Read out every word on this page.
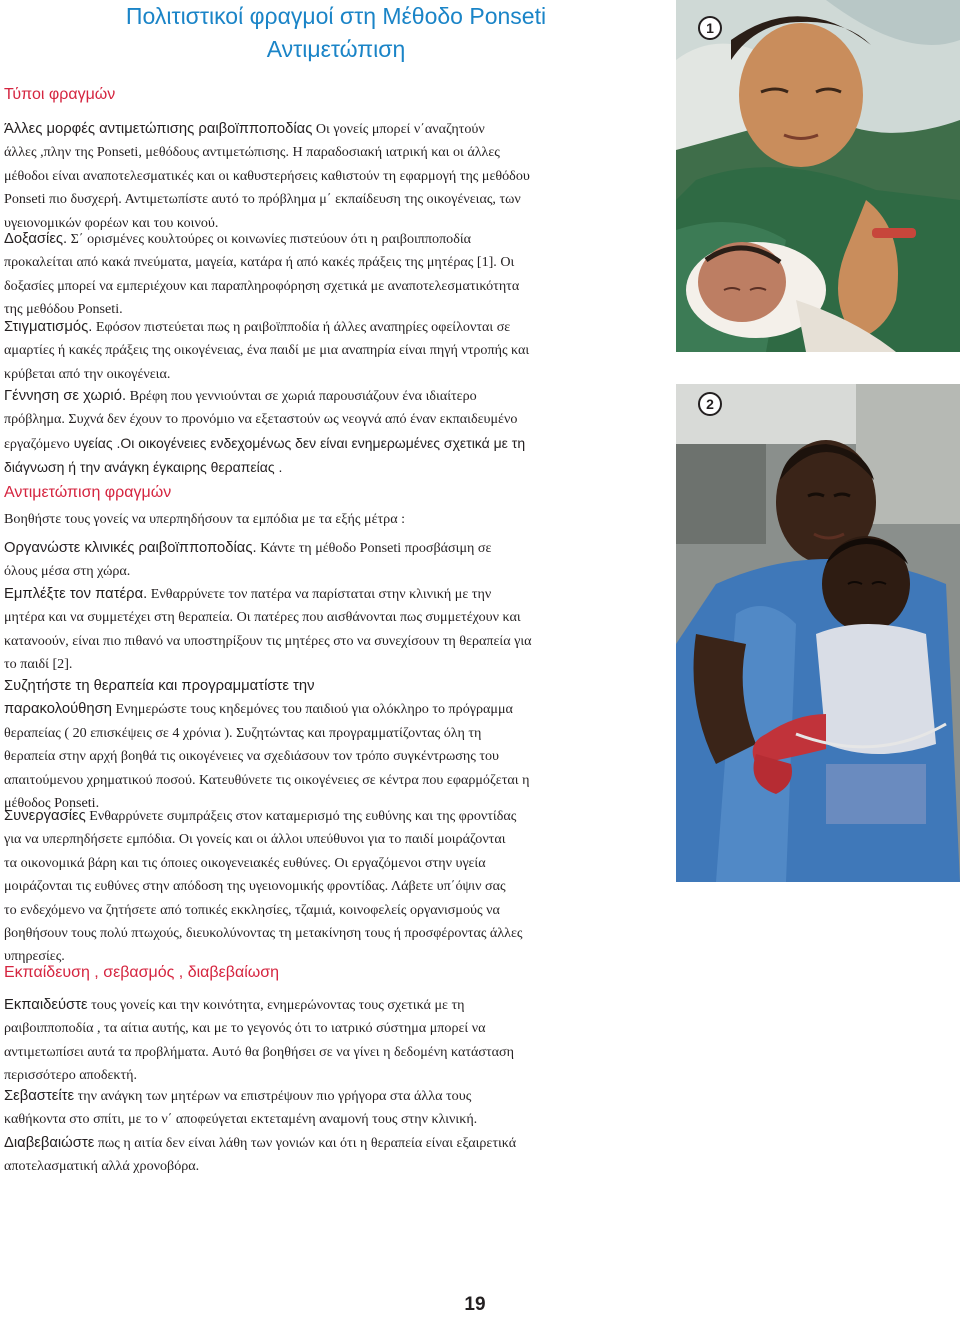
Πολιτιστικοί φραγμοί στη Μέθοδο Ponseti
Αντιμετώπιση
Τύποι φραγμών

Άλλες μορφές αντιμετώπισης ραιβοϊπποποδίας Οι γονείς μπορεί ν΄αναζητούν

άλλες ,πλην της Ponseti, μεθόδους αντιμετώπισης. Η παραδοσιακή ιατρική και οι άλλες

μέθοδοι είναι αναποτελεσματικές και οι καθυστερήσεις καθιστούν τη εφαρμογή της μεθόδου

Ponseti πιο δυσχερή. Αντιμετωπίστε αυτό το πρόβλημα μ΄ εκπαίδευση της οικογένειας, των

υγειονομικών φορέων και του κοινού.

Δοξασίες. Σ΄ ορισμένες κουλτούρες οι κοινωνίες πιστεύουν ότι η ραιβοιπποποδία

προκαλείται από κακά πνεύματα, μαγεία, κατάρα ή από κακές πράξεις της μητέρας [1]. Οι

δοξασίες μπορεί να εμπεριέχουν και παραπληροφόρηση σχετικά με αναποτελεσματικότητα

της μεθόδου Ponseti.

Στιγματισμός. Εφόσον πιστεύεται πως η ραιβοϊπποδία ή άλλες αναπηρίες οφείλονται σε

αμαρτίες ή κακές πράξεις της οικογένειας, ένα παιδί με μια αναπηρία είναι πηγή ντροπής και

κρύβεται από την οικογένεια.

Γέννηση σε χωριό. Βρέφη που γεννιούνται σε χωριά παρουσιάζουν ένα ιδιαίτερο

πρόβλημα. Συχνά δεν έχουν το προνόμιο να εξεταστούν ως νεογνά από έναν εκπαιδευμένο

εργαζόμενο υγείας .Οι οικογένειες ενδεχομένως δεν είναι ενημερωμένες σχετικά με τη

διάγνωση ή την ανάγκη έγκαιρης θεραπείας .

Αντιμετώπιση φραγμών

Βοηθήστε τους γονείς να υπερπηδήσουν τα εμπόδια με τα εξής μέτρα :

Οργανώστε κλινικές ραιβοϊπποποδίας. Κάντε τη μέθοδο Ponseti προσβάσιμη σε

όλους μέσα στη χώρα.

Εμπλέξτε τον πατέρα. Ενθαρρύνετε τον πατέρα να παρίσταται στην κλινική με την

μητέρα και να συμμετέχει στη θεραπεία. Οι πατέρες που αισθάνονται πως συμμετέχουν και

κατανοούν, είναι πιο πιθανό να υποστηρίξουν τις μητέρες στο να συνεχίσουν τη θεραπεία για

το παιδί [2].

Συζητήστε τη θεραπεία και προγραμματίστε την

παρακολούθηση Ενημερώστε τους κηδεμόνες του παιδιού για ολόκληρο το πρόγραμμα

θεραπείας ( 20 επισκέψεις σε 4 χρόνια ). Συζητώντας και προγραμματίζοντας όλη τη

θεραπεία στην αρχή βοηθά τις οικογένειες να σχεδιάσουν τον τρόπο συγκέντρωσης του

απαιτούμενου χρηματικού ποσού. Κατευθύνετε τις οικογένειες σε κέντρα που εφαρμόζεται η

μέθοδος Ponseti.

Συνεργασίες Ενθαρρύνετε συμπράξεις στον καταμερισμό της ευθύνης και της φροντίδας

για να υπερπηδήσετε εμπόδια. Οι γονείς και οι άλλοι υπεύθυνοι για το παιδί μοιράζονται

τα οικονομικά βάρη και τις όποιες οικογενειακές ευθύνες. Οι εργαζόμενοι στην υγεία

μοιράζονται τις ευθύνες στην απόδοση της υγειονομικής φροντίδας. Λάβετε υπ΄όψιν σας

το ενδεχόμενο να ζητήσετε από τοπικές εκκλησίες, τζαμιά, κοινοφελείς οργανισμούς να

βοηθήσουν τους πολύ πτωχούς, διευκολύνοντας τη μετακίνηση τους ή προσφέροντας άλλες

υπηρεσίες.

Εκπαίδευση , σεβασμός , διαβεβαίωση

Εκπαιδεύστε τους γονείς και την κοινότητα, ενημερώνοντας τους σχετικά με τη

ραιβοιπποποδία , τα αίτια αυτής, και με το γεγονός ότι το ιατρικό σύστημα μπορεί να

αντιμετωπίσει αυτά τα προβλήματα. Αυτό θα βοηθήσει σε να γίνει η δεδομένη κατάσταση

περισσότερο αποδεκτή.

Σεβαστείτε την ανάγκη των μητέρων να επιστρέψουν πιο γρήγορα στα άλλα τους

καθήκοντα στο σπίτι, με το ν΄ αποφεύγεται εκτεταμένη αναμονή τους στην κλινική.

Διαβεβαιώστε πως η αιτία δεν είναι λάθη των γονιών και ότι η θεραπεία είναι εξαιρετικά

αποτελασματική αλλά χρονοβόρα.

1
2
19
